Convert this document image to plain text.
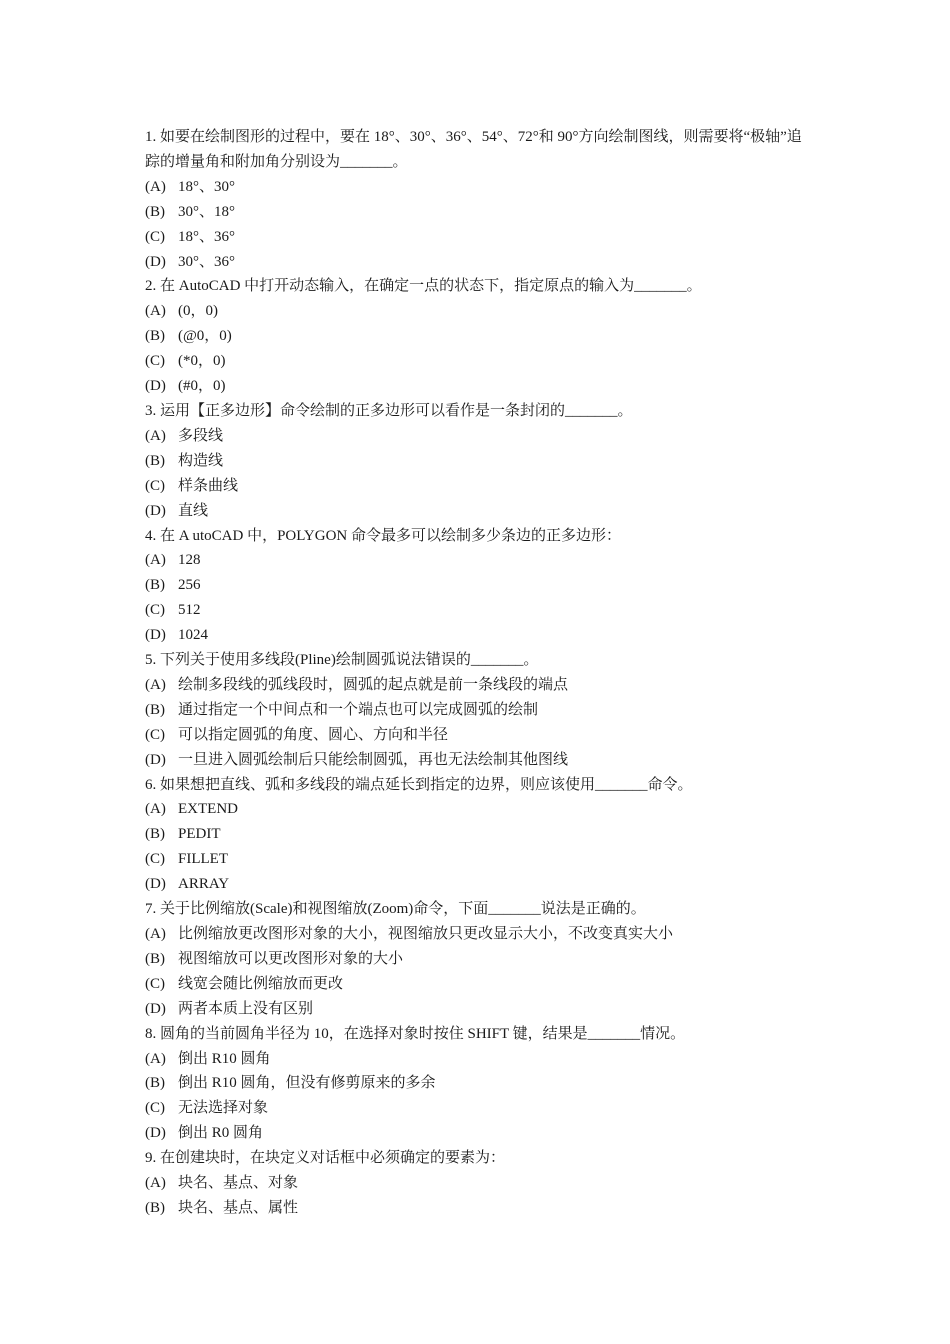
1. 如要在绘制图形的过程中，要在 18°、30°、36°、54°、72°和 90°方向绘制图线，则需要将“极轴”追踪的增量角和附加角分别设为_______。
(A) 18°、30°
(B) 30°、18°
(C) 18°、36°
(D) 30°、36°
2. 在 AutoCAD 中打开动态输入，在确定一点的状态下，指定原点的输入为_______。
(A) (0，0)
(B) (@0，0)
(C) (*0，0)
(D) (#0，0)
3. 运用【正多边形】命令绘制的正多边形可以看作是一条封闭的_______。
(A) 多段线
(B) 构造线
(C) 样条曲线
(D) 直线
4. 在 A utoCAD 中，POLYGON 命令最多可以绘制多少条边的正多边形：
(A) 128
(B) 256
(C) 512
(D) 1024
5. 下列关于使用多线段(Pline)绘制圆弧说法错误的_______。
(A) 绘制多段线的弧线段时，圆弧的起点就是前一条线段的端点
(B) 通过指定一个中间点和一个端点也可以完成圆弧的绘制
(C) 可以指定圆弧的角度、圆心、方向和半径
(D) 一旦进入圆弧绘制后只能绘制圆弧，再也无法绘制其他图线
6. 如果想把直线、弧和多线段的端点延长到指定的边界，则应该使用_______命令。
(A) EXTEND
(B) PEDIT
(C) FILLET
(D) ARRAY
7. 关于比例缩放(Scale)和视图缩放(Zoom)命令，下面_______说法是正确的。
(A) 比例缩放更改图形对象的大小，视图缩放只更改显示大小，不改变真实大小
(B) 视图缩放可以更改图形对象的大小
(C) 线宽会随比例缩放而更改
(D) 两者本质上没有区别
8. 圆角的当前圆角半径为 10，在选择对象时按住 SHIFT 键，结果是_______情况。
(A) 倒出 R10 圆角
(B) 倒出 R10 圆角，但没有修剪原来的多余
(C) 无法选择对象
(D) 倒出 R0 圆角
9. 在创建块时，在块定义对话框中必须确定的要素为：
(A) 块名、基点、对象
(B) 块名、基点、属性
